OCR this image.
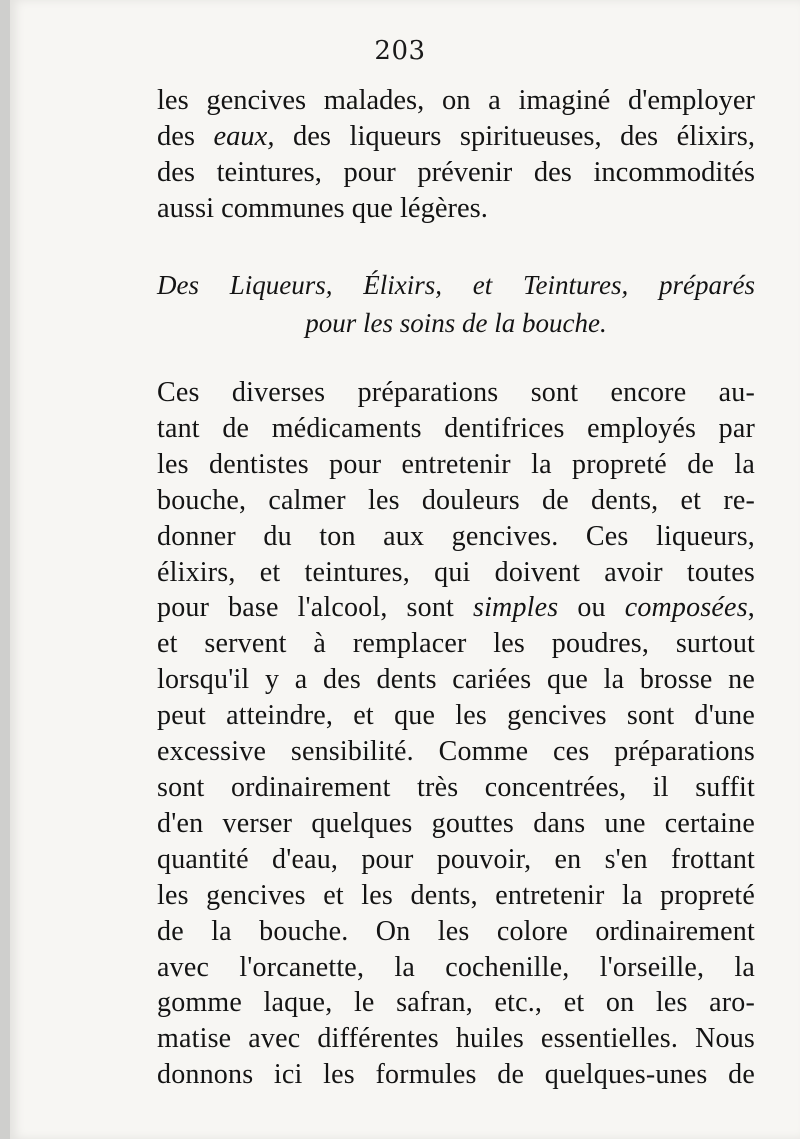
203
les gencives malades, on a imaginé d'employer
des eaux, des liqueurs spiritueuses, des élixirs,
des teintures, pour prévenir des incommodités
aussi communes que légères.
Des Liqueurs, Élixirs, et Teintures, préparés
pour les soins de la bouche.
Ces diverses préparations sont encore au-
tant de médicaments dentifrices employés par
les dentistes pour entretenir la propreté de la
bouche, calmer les douleurs de dents, et re-
donner du ton aux gencives. Ces liqueurs,
élixirs, et teintures, qui doivent avoir toutes
pour base l'alcool, sont simples ou composées,
et servent à remplacer les poudres, surtout
lorsqu'il y a des dents cariées que la brosse ne
peut atteindre, et que les gencives sont d'une
excessive sensibilité. Comme ces préparations
sont ordinairement très concentrées, il suffit
d'en verser quelques gouttes dans une certaine
quantité d'eau, pour pouvoir, en s'en frottant
les gencives et les dents, entretenir la propreté
de la bouche. On les colore ordinairement
avec l'orcanette, la cochenille, l'orseille, la
gomme laque, le safran, etc., et on les aro-
matise avec différentes huiles essentielles. Nous
donnons ici les formules de quelques-unes de
